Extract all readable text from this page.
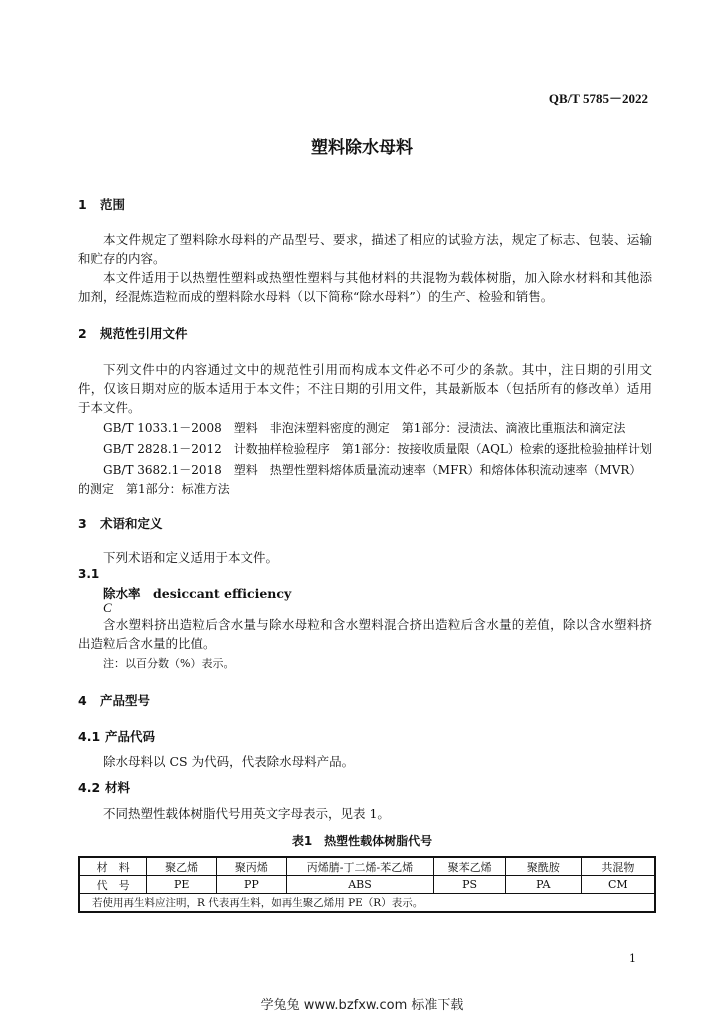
QB/T 5785－2022
塑料除水母料
1 范围
本文件规定了塑料除水母料的产品型号、要求，描述了相应的试验方法，规定了标志、包装、运输和贮存的内容。
本文件适用于以热塑性塑料或热塑性塑料与其他材料的共混物为载体树脂，加入除水材料和其他添加剂，经混炼造粒而成的塑料除水母料（以下简称“除水母料”）的生产、检验和销售。
2 规范性引用文件
下列文件中的内容通过文中的规范性引用而构成本文件必不可少的条款。其中，注日期的引用文件，仅该日期对应的版本适用于本文件；不注日期的引用文件，其最新版本（包括所有的修改单）适用于本文件。
GB/T 1033.1－2008　塑料　非泡沫塑料密度的测定　第1部分：浸渍法、滴液比重瓶法和滴定法
GB/T 2828.1－2012　计数抽样检验程序　第1部分：按接收质量限（AQL）检索的逐批检验抽样计划
GB/T 3682.1－2018　塑料　热塑性塑料熔体质量流动速率（MFR）和熔体体积流动速率（MVR）
的测定　第1部分：标准方法
3 术语和定义
下列术语和定义适用于本文件。
3.1
除水率　desiccant efficiency
C
含水塑料挤出造粒后含水量与除水母粒和含水塑料混合挤出造粒后含水量的差值，除以含水塑料挤出造粒后含水量的比值。
注：以百分数（%）表示。
4 产品型号
4.1 产品代码
除水母料以 CS 为代码，代表除水母料产品。
4.2 材料
不同热塑性载体树脂代号用英文字母表示，见表 1。
表1　热塑性载体树脂代号
材　料	聚乙烯	聚丙烯	丙烯腈-丁二烯-苯乙烯	聚苯乙烯	聚酰胺	共混物
代　号	PE	PP	ABS	PS	PA	CM
若使用再生料应注明，R 代表再生料，如再生聚乙烯用 PE（R）表示。						
1
学兔兔 www.bzfxw.com 标准下载
